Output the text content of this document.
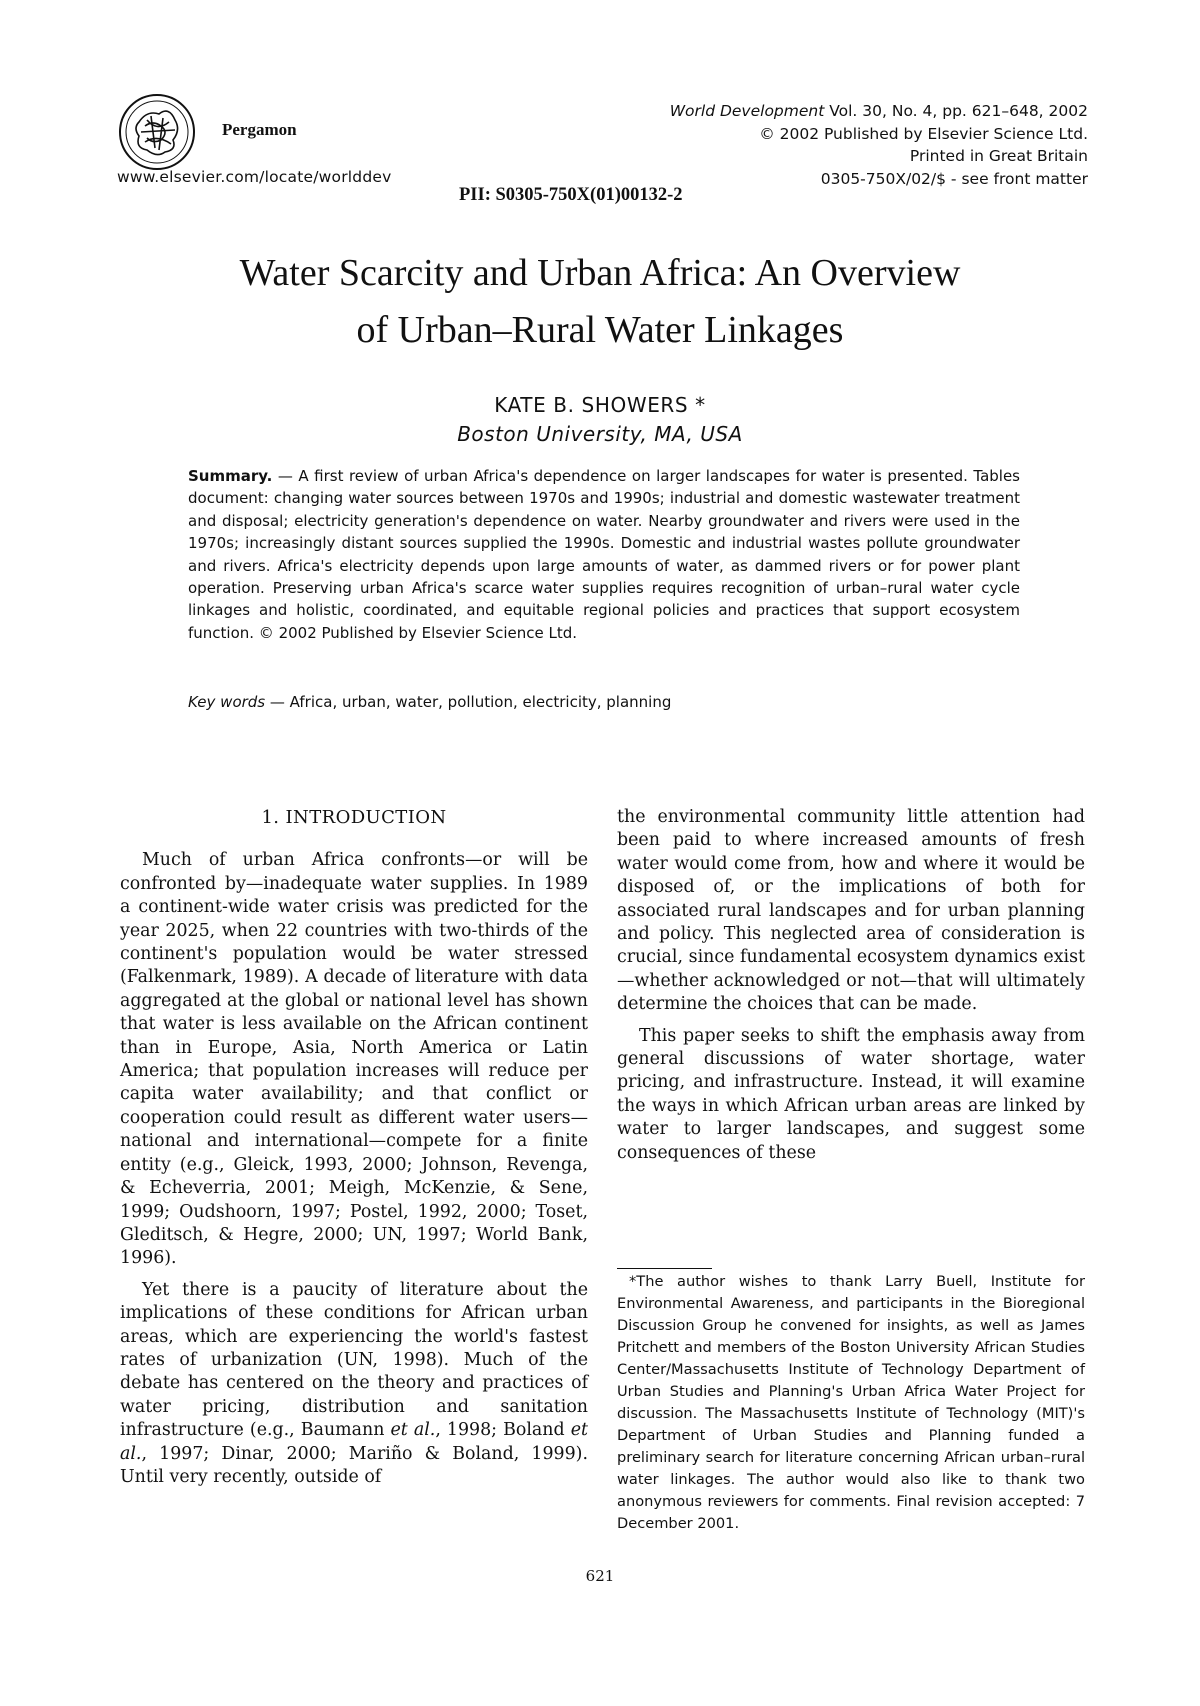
Pergamon
www.elsevier.com/locate/worlddev
World Development Vol. 30, No. 4, pp. 621–648, 2002
© 2002 Published by Elsevier Science Ltd.
Printed in Great Britain
0305-750X/02/$ - see front matter
PII: S0305-750X(01)00132-2
Water Scarcity and Urban Africa: An Overview
of Urban–Rural Water Linkages
KATE B. SHOWERS *
Boston University, MA, USA
Summary. — A first review of urban Africa's dependence on larger landscapes for water is presented. Tables document: changing water sources between 1970s and 1990s; industrial and domestic wastewater treatment and disposal; electricity generation's dependence on water. Nearby groundwater and rivers were used in the 1970s; increasingly distant sources supplied the 1990s. Domestic and industrial wastes pollute groundwater and rivers. Africa's electricity depends upon large amounts of water, as dammed rivers or for power plant operation. Preserving urban Africa's scarce water supplies requires recognition of urban–rural water cycle linkages and holistic, coordinated, and equitable regional policies and practices that support ecosystem function. © 2002 Published by Elsevier Science Ltd.
Key words — Africa, urban, water, pollution, electricity, planning

1. INTRODUCTION

Much of urban Africa confronts—or will be confronted by—inadequate water supplies. In 1989 a continent-wide water crisis was predicted for the year 2025, when 22 countries with two-thirds of the continent's population would be water stressed (Falkenmark, 1989). A decade of literature with data aggregated at the global or national level has shown that water is less available on the African continent than in Europe, Asia, North America or Latin America; that population increases will reduce per capita water availability; and that conflict or cooperation could result as different water users—national and international—compete for a finite entity (e.g., Gleick, 1993, 2000; Johnson, Revenga, & Echeverria, 2001; Meigh, McKenzie, & Sene, 1999; Oudshoorn, 1997; Postel, 1992, 2000; Toset, Gleditsch, & Hegre, 2000; UN, 1997; World Bank, 1996).

Yet there is a paucity of literature about the implications of these conditions for African urban areas, which are experiencing the world's fastest rates of urbanization (UN, 1998). Much of the debate has centered on the theory and practices of water pricing, distribution and sanitation infrastructure (e.g., Baumann et al., 1998; Boland et al., 1997; Dinar, 2000; Mariño & Boland, 1999). Until very recently, outside of

the environmental community little attention had been paid to where increased amounts of fresh water would come from, how and where it would be disposed of, or the implications of both for associated rural landscapes and for urban planning and policy. This neglected area of consideration is crucial, since fundamental ecosystem dynamics exist—whether acknowledged or not—that will ultimately determine the choices that can be made.

This paper seeks to shift the emphasis away from general discussions of water shortage, water pricing, and infrastructure. Instead, it will examine the ways in which African urban areas are linked by water to larger landscapes, and suggest some consequences of these

*The author wishes to thank Larry Buell, Institute for Environmental Awareness, and participants in the Bioregional Discussion Group he convened for insights, as well as James Pritchett and members of the Boston University African Studies Center/Massachusetts Institute of Technology Department of Urban Studies and Planning's Urban Africa Water Project for discussion. The Massachusetts Institute of Technology (MIT)'s Department of Urban Studies and Planning funded a preliminary search for literature concerning African urban–rural water linkages. The author would also like to thank two anonymous reviewers for comments. Final revision accepted: 7 December 2001.
621
